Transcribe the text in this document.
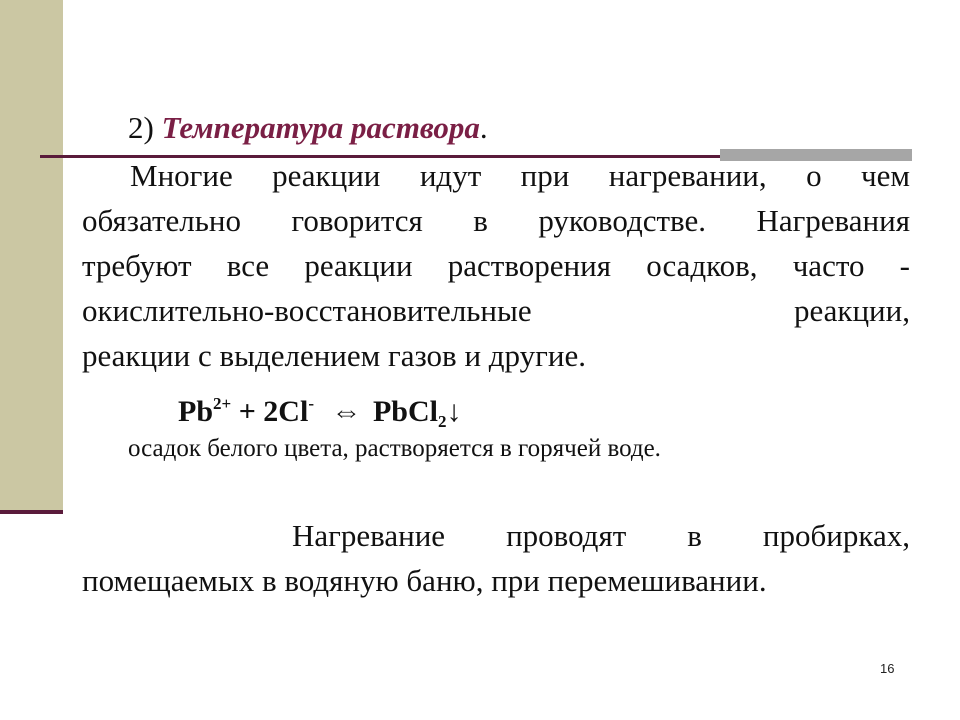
2) Температура раствора.
Многие реакции идут при нагревании, о чем
обязательно говорится в руководстве. Нагревания
требуют все реакции растворения осадков, часто -
окислительно-восстановительные реакции,
реакции с выделением газов и другие.
$Pb^{2+} + 2Cl^-$ ⇔ PbCl$_2$↓
осадок белого цвета, растворяется в горячей воде.
Нагревание проводят в пробирках,
помещаемых в водяную баню, при перемешивании.
16
